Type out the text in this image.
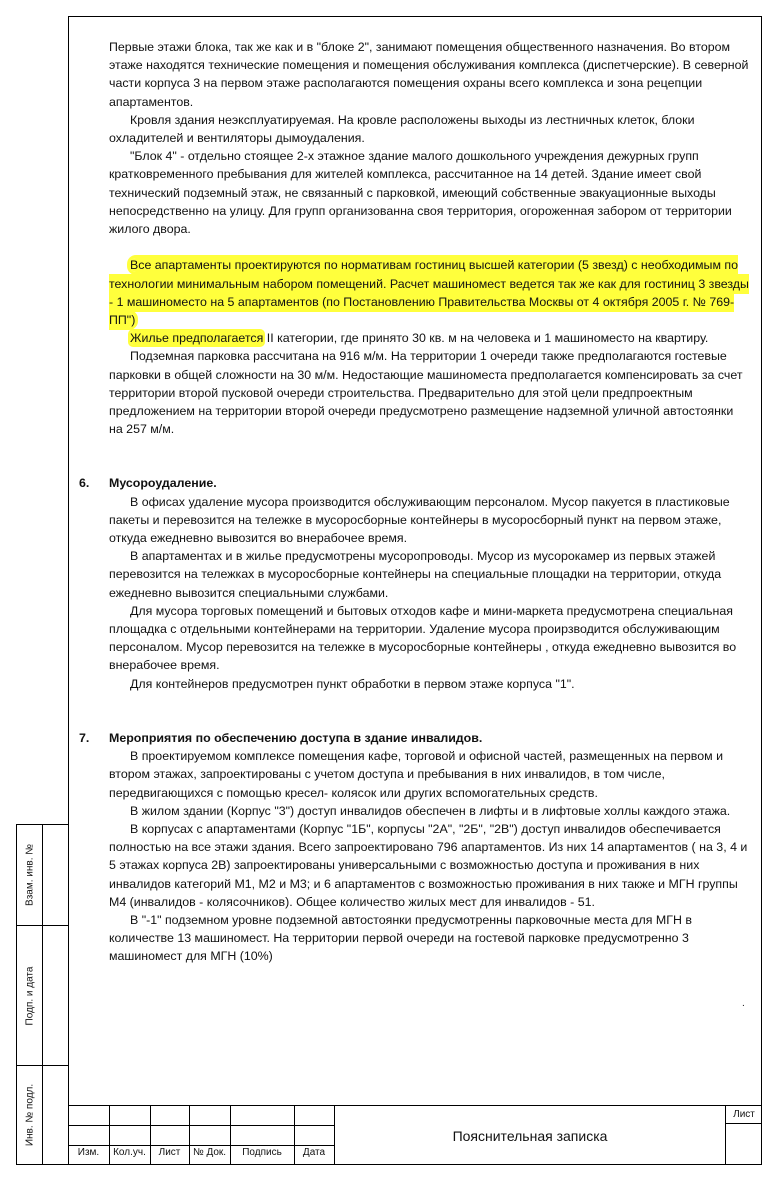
Первые этажи блока, так же как и в "блоке 2", занимают помещения общественного назначения. Во втором этаже находятся технические помещения и помещения обслуживания комплекса (диспетчерские). В северной части корпуса 3 на первом этаже располагаются помещения охраны всего комплекса и зона рецепции апартаментов.

Кровля здания неэксплуатируемая. На кровле расположены выходы из лестничных клеток, блоки охладителей и вентиляторы дымоудаления.

"Блок 4" - отдельно стоящее 2-х этажное здание малого дошкольного учреждения дежурных групп кратковременного пребывания для жителей комплекса, рассчитанное на 14 детей. Здание имеет свой технический подземный этаж, не связанный с парковкой, имеющий собственные эвакуационные выходы непосредственно на улицу. Для групп организованна своя территория, огороженная забором от территории жилого двора.

Все апартаменты проектируются по нормативам гостиниц высшей категории (5 звезд) с необходимым по технологии минимальным набором помещений. Расчет машиномест ведется так же как для гостиниц 3 звезды - 1 машиноместо на 5 апартаментов (по Постановлению Правительства Москвы от 4 октября 2005 г. № 769-ПП")

Жилье предполагается II категории, где принято 30 кв. м на человека и 1 машиноместо на квартиру.

Подземная парковка рассчитана на 916 м/м. На территории 1 очереди также предполагаются гостевые парковки в общей сложности на 30 м/м. Недостающие машиноместа предполагается компенсировать за счет территории второй пусковой очереди строительства. Предварительно для этой цели предпроектным предложением на территории второй очереди предусмотрено размещение надземной уличной автостоянки на 257 м/м.

6. Мусороудаление.

В офисах удаление мусора производится обслуживающим персоналом. Мусор пакуется в пластиковые пакеты и перевозится на тележке в мусоросборные контейнеры в мусоросборный пункт на первом этаже, откуда ежедневно вывозится во внерабочее время.

В апартаментах и в жилье предусмотрены мусоропроводы. Мусор из мусорокамер из первых этажей перевозится на тележках в мусоросборные контейнеры на специальные площадки на территории, откуда ежедневно вывозится специальными службами.

Для мусора торговых помещений и бытовых отходов кафе и мини-маркета предусмотрена специальная площадка с отдельными контейнерами на территории. Удаление мусора проирзводится обслуживающим персоналом. Мусор перевозится на тележке в мусоросборные контейнеры , откуда ежедневно вывозится во внерабочее время.

Для контейнеров предусмотрен пункт обработки в первом этаже корпуса "1".

7. Мероприятия по обеспечению доступа в здание инвалидов.

В проектируемом комплексе помещения кафе, торговой и офисной частей, размещенных на первом и втором этажах, запроектированы с учетом доступа и пребывания в них инвалидов, в том числе, передвигающихся с помощью кресел- колясок или других вспомогательных средств.

В жилом здании (Корпус "3") доступ инвалидов обеспечен в лифты и в лифтовые холлы каждого этажа.

В корпусах с апартаментами (Корпус "1Б", корпусы "2А", "2Б", "2В") доступ инвалидов обеспечивается полностью на все этажи здания. Всего запроектировано 796 апартаментов. Из них 14 апартаментов ( на 3, 4 и 5 этажах корпуса 2В) запроектированы универсальными с возможностью доступа и проживания в них инвалидов категорий М1, М2 и М3; и 6 апартаментов с возможностью проживания в них также и МГН группы М4 (инвалидов - колясочников). Общее количество жилых мест для инвалидов - 51.

В "-1" подземном уровне подземной автостоянки предусмотренны парковочные места для МГН в количестве 13 машиномест. На территории первой очереди на гостевой парковке предусмотренно 3 машиномест для МГН (10%)

.
Взам. инв. №
Подп. и дата
Инв. № подл.
Изм.	Кол.уч.	Лист	№ Док.	Подпись	Дата
Пояснительная записка
Лист
